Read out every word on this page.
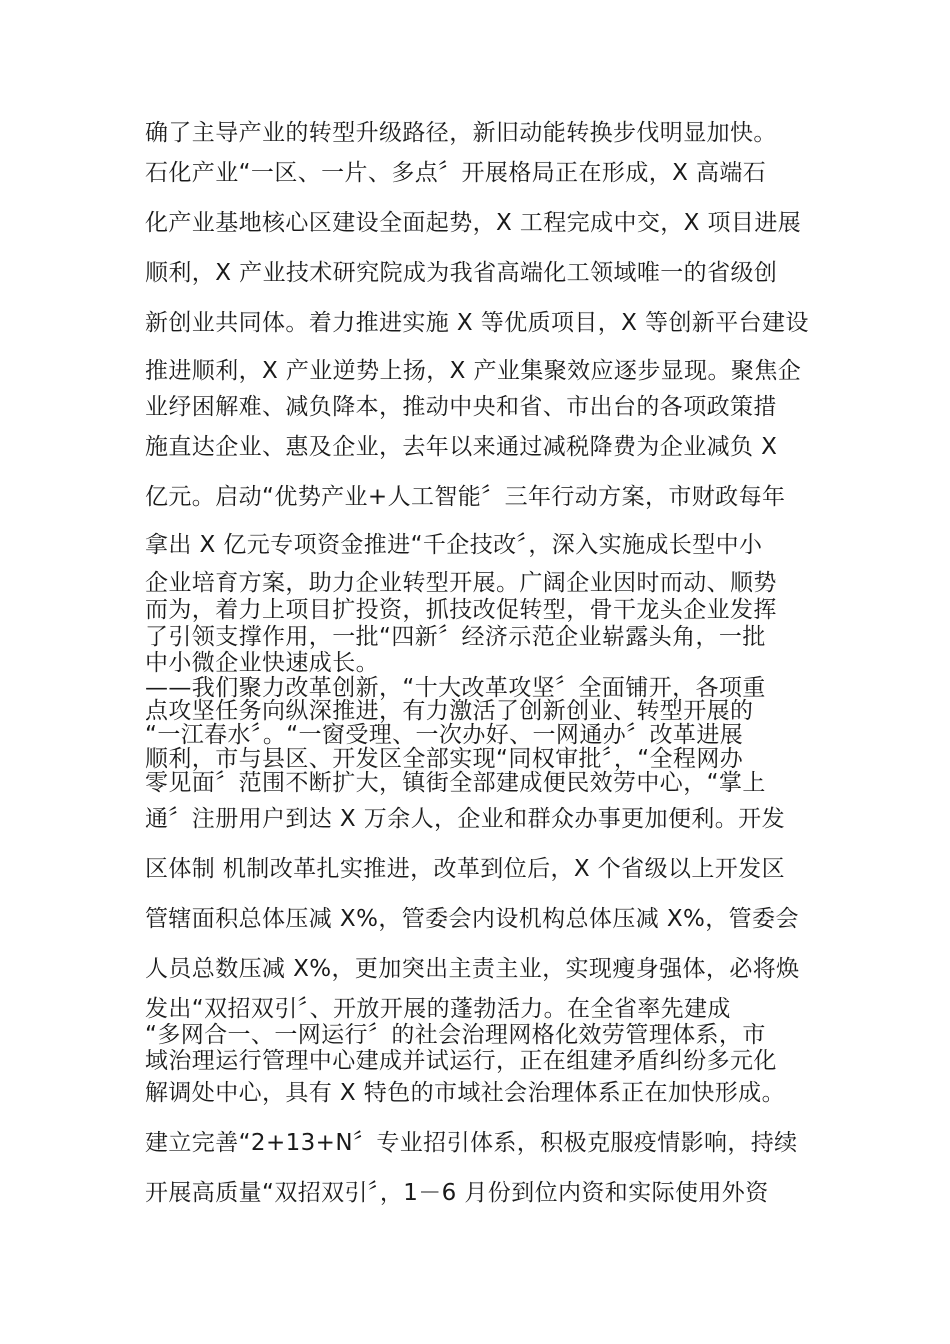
确了主导产业的转型升级路径，新旧动能转换步伐明显加快。
石化产业“一区、一片、多点〞开展格局正在形成，X 高端石
化产业基地核心区建设全面起势，X 工程完成中交，X 项目进展
顺利，X 产业技术研究院成为我省高端化工领域唯一的省级创
新创业共同体。着力推进实施 X 等优质项目，X 等创新平台建设
推进顺利，X 产业逆势上扬，X 产业集聚效应逐步显现。聚焦企
业纾困解难、减负降本，推动中央和省、市出台的各项政策措
施直达企业、惠及企业，去年以来通过减税降费为企业减负 X
亿元。启动“优势产业+人工智能〞三年行动方案，市财政每年
拿出 X 亿元专项资金推进“千企技改〞，深入实施成长型中小
企业培育方案，助力企业转型开展。广阔企业因时而动、顺势
而为，着力上项目扩投资，抓技改促转型，骨干龙头企业发挥
了引领支撑作用，一批“四新〞经济示范企业崭露头角，一批
中小微企业快速成长。
——我们聚力改革创新，“十大改革攻坚〞全面铺开，各项重
点攻坚任务向纵深推进，有力激活了创新创业、转型开展的
“一江春水〞。“一窗受理、一次办好、一网通办〞改革进展
顺利，市与县区、开发区全部实现“同权审批〞，“全程网办
零见面〞范围不断扩大，镇街全部建成便民效劳中心，“掌上
通〞注册用户到达 X 万余人，企业和群众办事更加便利。开发
区体制 机制改革扎实推进，改革到位后，X 个省级以上开发区
管辖面积总体压减 X%，管委会内设机构总体压减 X%，管委会
人员总数压减 X%，更加突出主责主业，实现瘦身强体，必将焕
发出“双招双引〞、开放开展的蓬勃活力。在全省率先建成
“多网合一、一网运行〞的社会治理网格化效劳管理体系，市
域治理运行管理中心建成并试运行，正在组建矛盾纠纷多元化
解调处中心，具有 X 特色的市域社会治理体系正在加快形成。
建立完善“2+13+N〞专业招引体系，积极克服疫情影响，持续
开展高质量“双招双引〞，1－6 月份到位内资和实际使用外资
